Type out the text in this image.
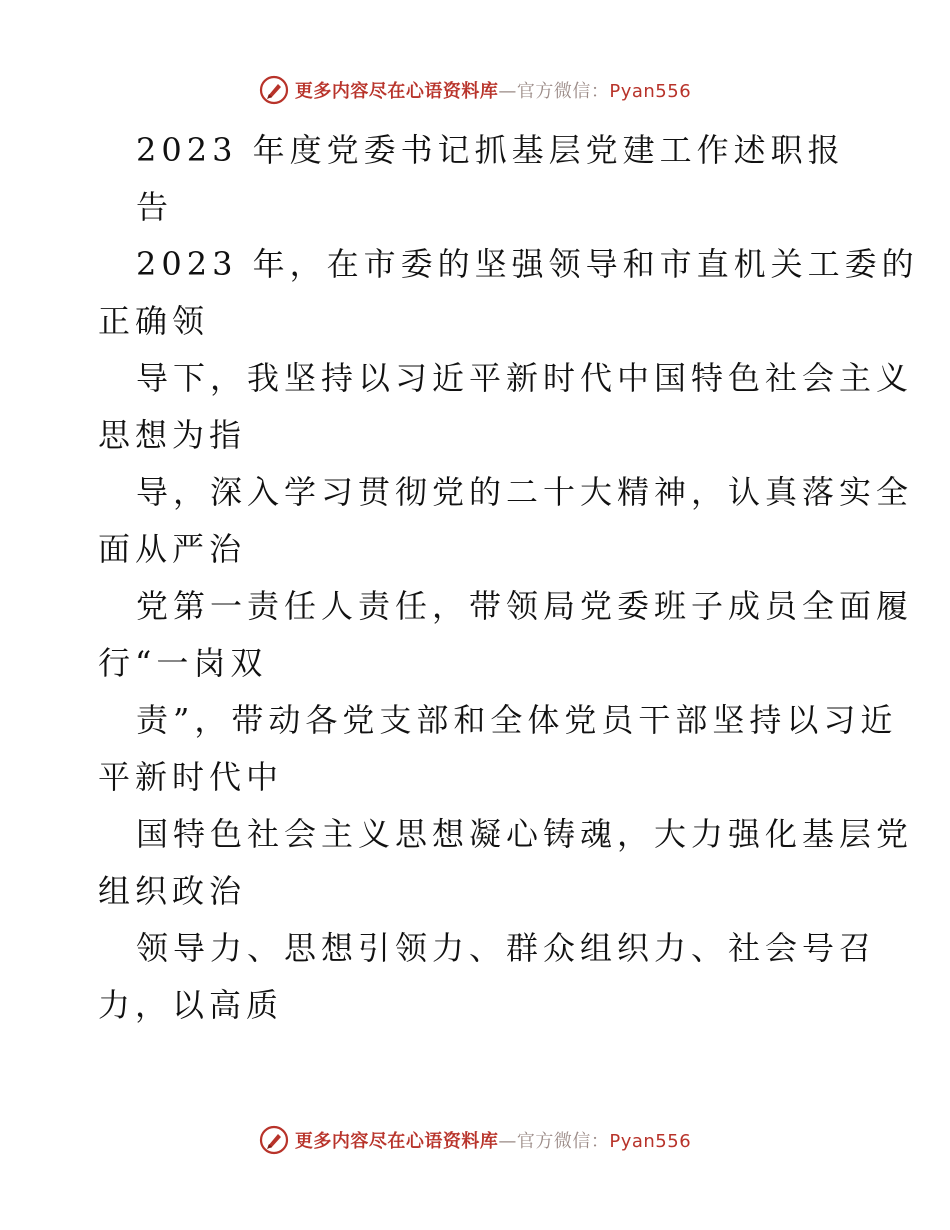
更多内容尽在心语资料库—官方微信：Pyan556
2023 年度党委书记抓基层党建工作述职报
告
2023 年，在市委的坚强领导和市直机关工委的
正确领
导下，我坚持以习近平新时代中国特色社会主义
思想为指
导，深入学习贯彻党的二十大精神，认真落实全
面从严治
党第一责任人责任，带领局党委班子成员全面履
行“一岗双
责”，带动各党支部和全体党员干部坚持以习近
平新时代中
国特色社会主义思想凝心铸魂，大力强化基层党
组织政治
领导力、思想引领力、群众组织力、社会号召
力，以高质
更多内容尽在心语资料库—官方微信：Pyan556
